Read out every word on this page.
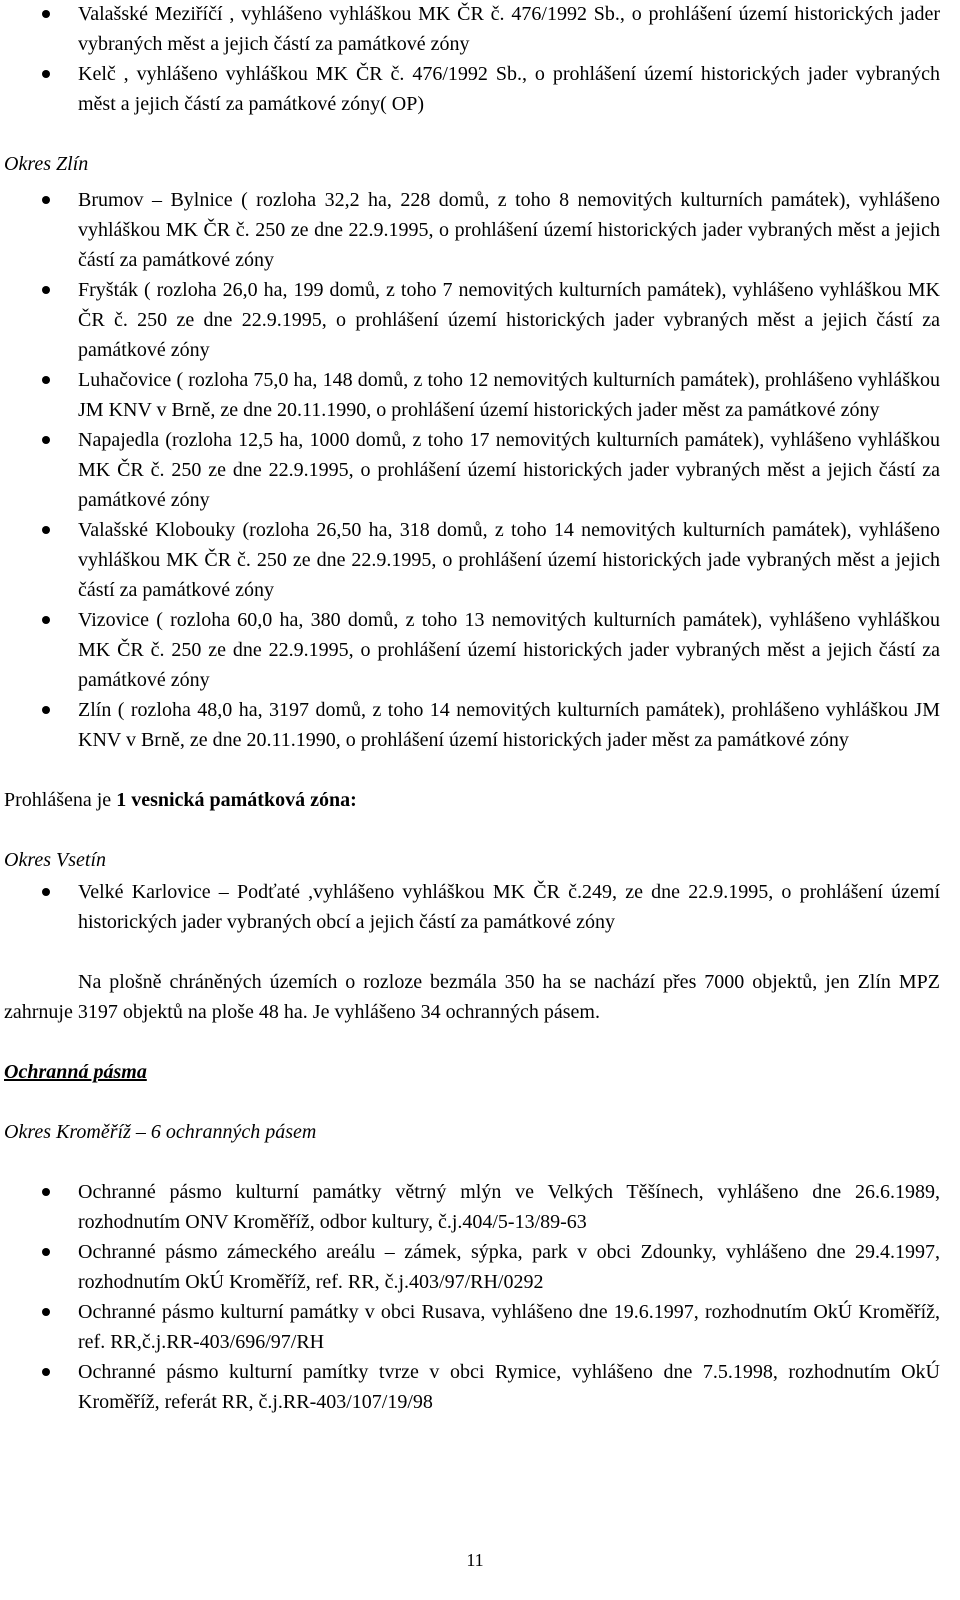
Valašské Meziříčí , vyhlášeno vyhláškou MK ČR č. 476/1992 Sb., o prohlášení území historických jader vybraných měst a jejich částí za památkové zóny
Kelč , vyhlášeno vyhláškou MK ČR č. 476/1992 Sb., o prohlášení území historických jader vybraných měst a jejich částí za památkové zóny( OP)

Okres Zlín

Brumov – Bylnice ( rozloha 32,2 ha, 228 domů, z toho 8 nemovitých kulturních památek), vyhlášeno vyhláškou MK ČR č. 250 ze dne 22.9.1995, o prohlášení území historických jader vybraných měst a jejich částí za památkové zóny
Fryšták ( rozloha 26,0 ha, 199 domů, z toho 7 nemovitých kulturních památek), vyhlášeno vyhláškou MK ČR č. 250 ze dne 22.9.1995, o prohlášení území historických jader vybraných měst a jejich částí za památkové zóny
Luhačovice ( rozloha 75,0 ha, 148 domů, z toho 12 nemovitých kulturních památek), prohlášeno vyhláškou JM KNV v Brně, ze dne 20.11.1990, o prohlášení území historických jader měst za památkové zóny
Napajedla (rozloha 12,5 ha, 1000 domů, z toho 17 nemovitých kulturních památek), vyhlášeno vyhláškou MK ČR č. 250 ze dne 22.9.1995, o prohlášení území historických jader vybraných měst a jejich částí za památkové zóny
Valašské Klobouky (rozloha 26,50 ha, 318 domů, z toho 14 nemovitých kulturních památek), vyhlášeno vyhláškou MK ČR č. 250 ze dne 22.9.1995, o prohlášení území historických jade vybraných měst a jejich částí za památkové zóny
Vizovice ( rozloha 60,0 ha, 380 domů, z toho 13 nemovitých kulturních památek), vyhlášeno vyhláškou MK ČR č. 250 ze dne 22.9.1995, o prohlášení území historických jader vybraných měst a jejich částí za památkové zóny
Zlín ( rozloha 48,0 ha, 3197 domů, z toho 14 nemovitých kulturních památek), prohlášeno vyhláškou JM KNV v Brně, ze dne 20.11.1990, o prohlášení území historických jader měst za památkové zóny

Prohlášena je 1 vesnická památková zóna:

Okres Vsetín

Velké Karlovice – Podťaté ,vyhlášeno vyhláškou MK ČR č.249, ze dne 22.9.1995, o prohlášení území historických jader vybraných obcí a jejich částí za památkové zóny

Na plošně chráněných územích o rozloze bezmála 350 ha se nachází přes 7000 objektů, jen Zlín MPZ zahrnuje 3197 objektů na ploše 48 ha. Je vyhlášeno 34 ochranných pásem.

Ochranná pásma

Okres Kroměříž – 6 ochranných pásem

Ochranné pásmo kulturní památky větrný mlýn ve Velkých Těšínech, vyhlášeno dne 26.6.1989, rozhodnutím ONV Kroměříž, odbor kultury, č.j.404/5-13/89-63
Ochranné pásmo zámeckého areálu – zámek, sýpka, park v obci Zdounky, vyhlášeno dne 29.4.1997, rozhodnutím OkÚ Kroměříž, ref. RR, č.j.403/97/RH/0292
Ochranné pásmo kulturní památky v obci Rusava, vyhlášeno dne 19.6.1997, rozhodnutím OkÚ Kroměříž, ref. RR,č.j.RR-403/696/97/RH
Ochranné pásmo kulturní pamítky tvrze v obci Rymice, vyhlášeno dne 7.5.1998, rozhodnutím OkÚ Kroměříž, referát RR, č.j.RR-403/107/19/98
11
